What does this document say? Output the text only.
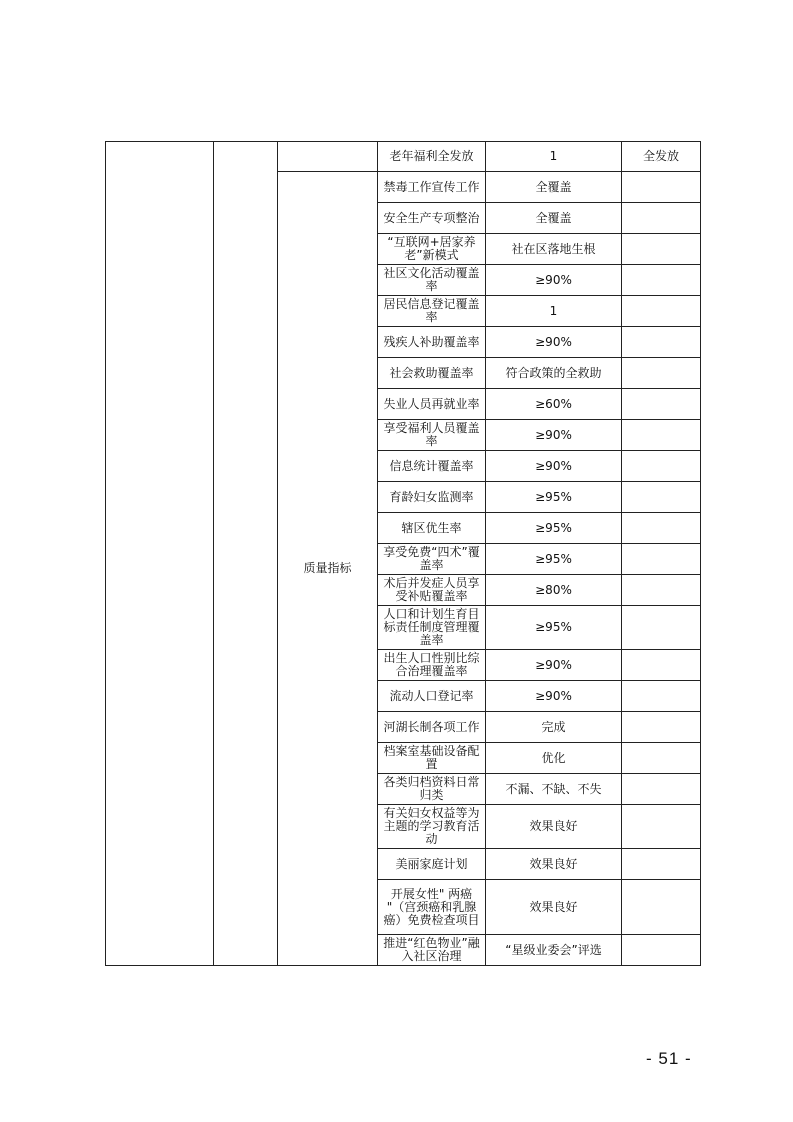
			老年福利全发放	1	全发放
		质量指标	禁毒工作宣传工作	全覆盖	
			安全生产专项整治	全覆盖	
			“互联网+居家养老”新模式	社在区落地生根	
			社区文化活动覆盖率	≥90%	
			居民信息登记覆盖率	1	
			残疾人补助覆盖率	≥90%	
			社会救助覆盖率	符合政策的全救助	
			失业人员再就业率	≥60%	
			享受福利人员覆盖率	≥90%	
			信息统计覆盖率	≥90%	
			育龄妇女监测率	≥95%	
			辖区优生率	≥95%	
			享受免费“四术”覆盖率	≥95%	
			术后并发症人员享受补贴覆盖率	≥80%	
			人口和计划生育目标责任制度管理覆盖率	≥95%	
			出生人口性别比综合治理覆盖率	≥90%	
			流动人口登记率	≥90%	
			河湖长制各项工作	完成	
			档案室基础设备配置	优化	
			各类归档资料日常归类	不漏、不缺、不失	
			有关妇女权益等为主题的学习教育活动	效果良好	
			美丽家庭计划	效果良好	
			开展女性" 两癌 "（宫颈癌和乳腺癌）免费检查项目	效果良好	
			推进“红色物业”融入社区治理	“星级业委会”评选	
- 51 -
